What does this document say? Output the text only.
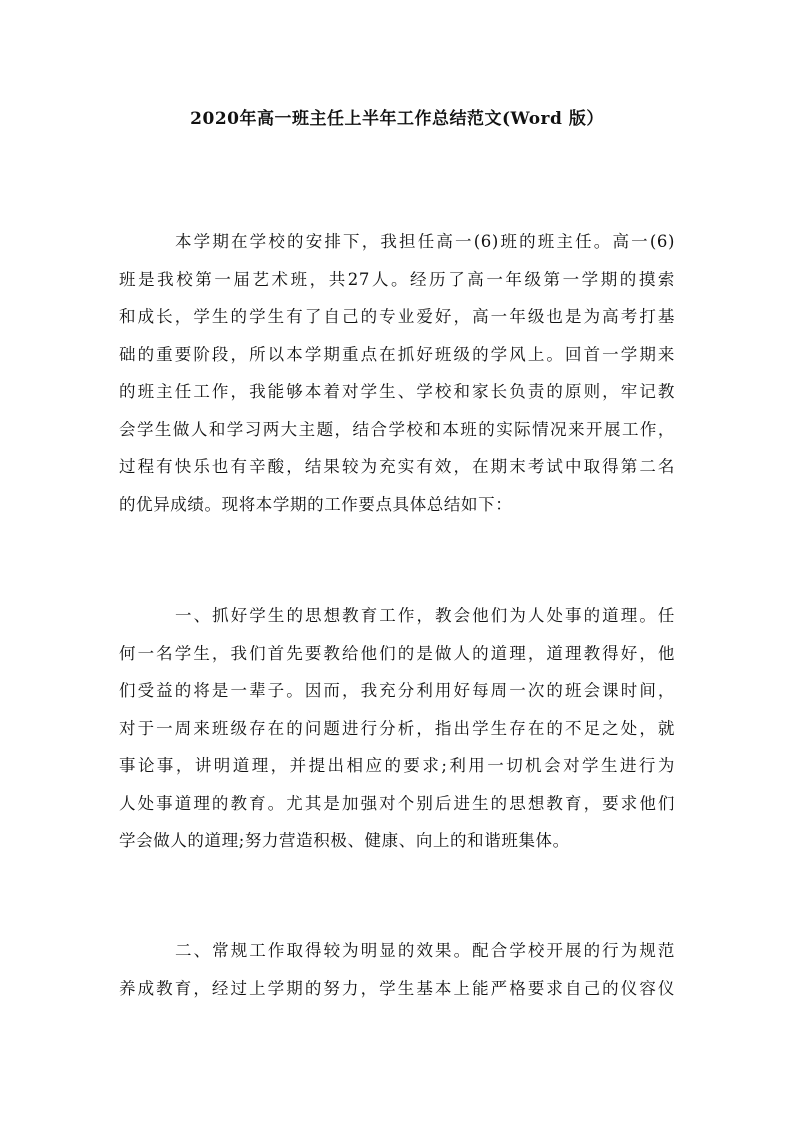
2020年高一班主任上半年工作总结范文(Word 版）
本学期在学校的安排下，我担任高一(6)班的班主任。高一(6)
班是我校第一届艺术班，共27人。经历了高一年级第一学期的摸索
和成长，学生的学生有了自己的专业爱好，高一年级也是为高考打基
础的重要阶段，所以本学期重点在抓好班级的学风上。回首一学期来
的班主任工作，我能够本着对学生、学校和家长负责的原则，牢记教
会学生做人和学习两大主题，结合学校和本班的实际情况来开展工作，
过程有快乐也有辛酸，结果较为充实有效，在期末考试中取得第二名
的优异成绩。现将本学期的工作要点具体总结如下：
一、抓好学生的思想教育工作，教会他们为人处事的道理。任
何一名学生，我们首先要教给他们的是做人的道理，道理教得好，他
们受益的将是一辈子。因而，我充分利用好每周一次的班会课时间，
对于一周来班级存在的问题进行分析，指出学生存在的不足之处，就
事论事，讲明道理，并提出相应的要求;利用一切机会对学生进行为
人处事道理的教育。尤其是加强对个别后进生的思想教育，要求他们
学会做人的道理;努力营造积极、健康、向上的和谐班集体。
二、常规工作取得较为明显的效果。配合学校开展的行为规范
养成教育，经过上学期的努力，学生基本上能严格要求自己的仪容仪
